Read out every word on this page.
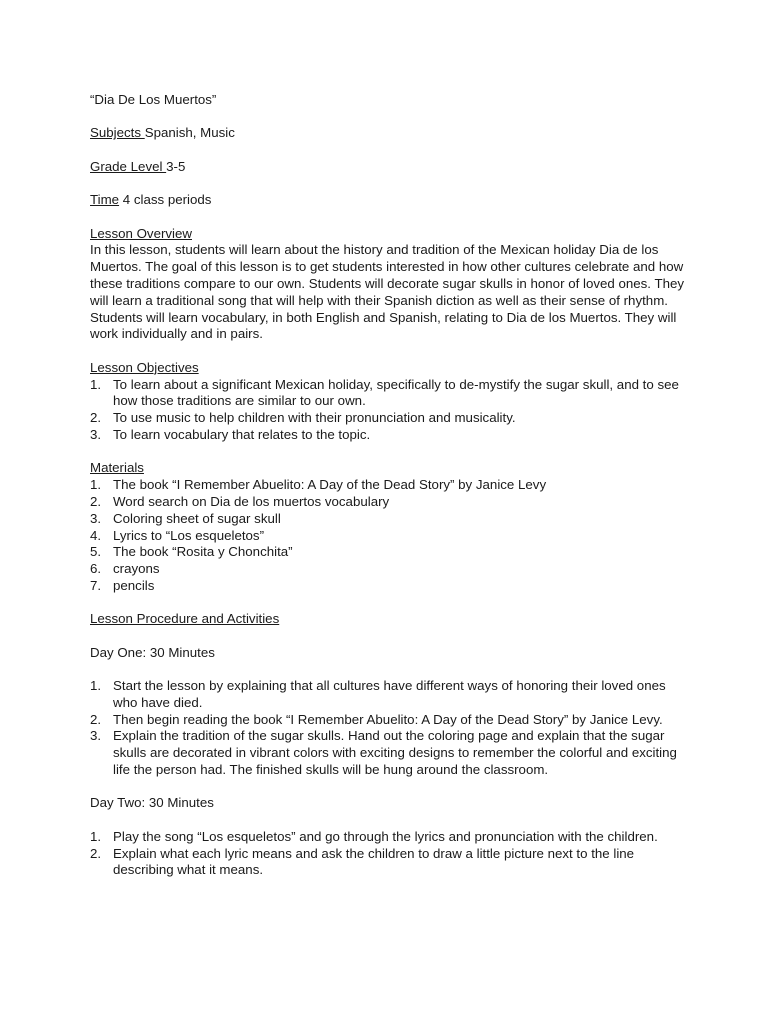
“Dia De Los Muertos”
Subjects Spanish, Music
Grade Level 3-5
Time 4 class periods
Lesson Overview
In this lesson, students will learn about the history and tradition of the Mexican holiday Dia de los Muertos. The goal of this lesson is to get students interested in how other cultures celebrate and how these traditions compare to our own. Students will decorate sugar skulls in honor of loved ones. They will learn a traditional song that will help with their Spanish diction as well as their sense of rhythm. Students will learn vocabulary, in both English and Spanish, relating to Dia de los Muertos. They will work individually and in pairs.
Lesson Objectives
1. To learn about a significant Mexican holiday, specifically to de-mystify the sugar skull, and to see how those traditions are similar to our own.
2. To use music to help children with their pronunciation and musicality.
3. To learn vocabulary that relates to the topic.
Materials
1. The book “I Remember Abuelito: A Day of the Dead Story” by Janice Levy
2. Word search on Dia de los muertos vocabulary
3. Coloring sheet of sugar skull
4. Lyrics to “Los esqueletos”
5. The book “Rosita y Chonchita”
6. crayons
7. pencils
Lesson Procedure and Activities
Day One: 30 Minutes
1. Start the lesson by explaining that all cultures have different ways of honoring their loved ones who have died.
2. Then begin reading the book “I Remember Abuelito: A Day of the Dead Story” by Janice Levy.
3. Explain the tradition of the sugar skulls. Hand out the coloring page and explain that the sugar skulls are decorated in vibrant colors with exciting designs to remember the colorful and exciting life the person had. The finished skulls will be hung around the classroom.
Day Two: 30 Minutes
1. Play the song “Los esqueletos” and go through the lyrics and pronunciation with the children.
2. Explain what each lyric means and ask the children to draw a little picture next to the line describing what it means.
